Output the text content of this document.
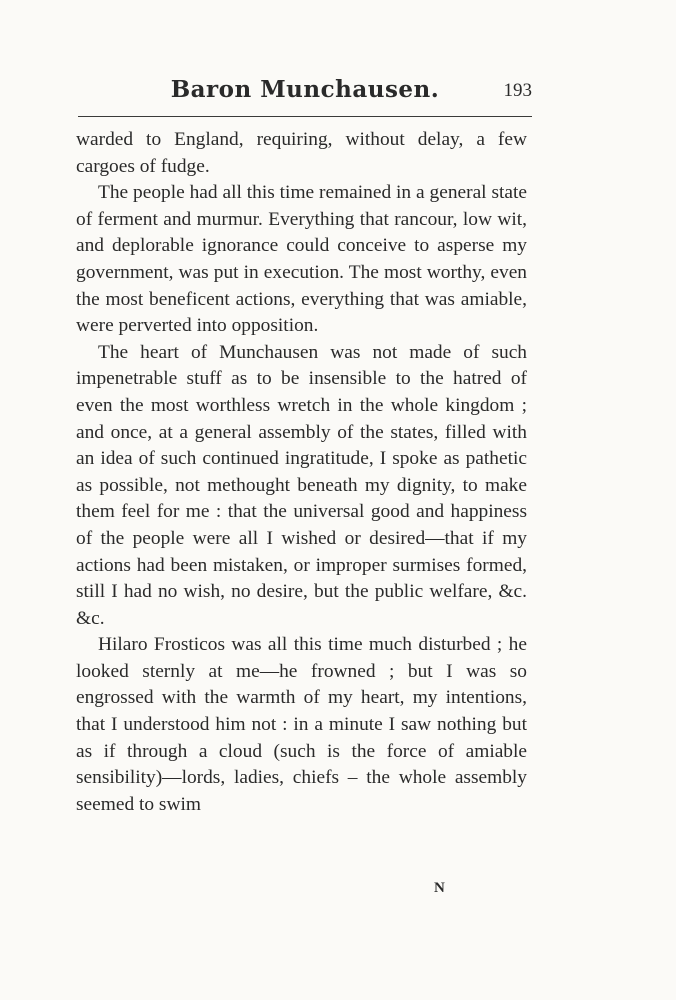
Baron Munchausen.	193

warded to England, requiring, without delay, a few cargoes of fudge.

The people had all this time remained in a general state of ferment and murmur. Everything that rancour, low wit, and deplorable ignorance could conceive to asperse my government, was put in execution. The most worthy, even the most beneficent actions, everything that was amiable, were perverted into opposition.

The heart of Munchausen was not made of such impenetrable stuff as to be insensible to the hatred of even the most worthless wretch in the whole kingdom ; and once, at a general assembly of the states, filled with an idea of such continued ingratitude, I spoke as pathetic as possible, not methought beneath my dignity, to make them feel for me : that the universal good and happiness of the people were all I wished or desired—that if my actions had been mistaken, or improper surmises formed, still I had no wish, no desire, but the public welfare, &c. &c.

Hilaro Frosticos was all this time much disturbed ; he looked sternly at me—he frowned ; but I was so engrossed with the warmth of my heart, my intentions, that I understood him not : in a minute I saw nothing but as if through a cloud (such is the force of amiable sensibility)—lords, ladies, chiefs – the whole assembly seemed to swim

N
